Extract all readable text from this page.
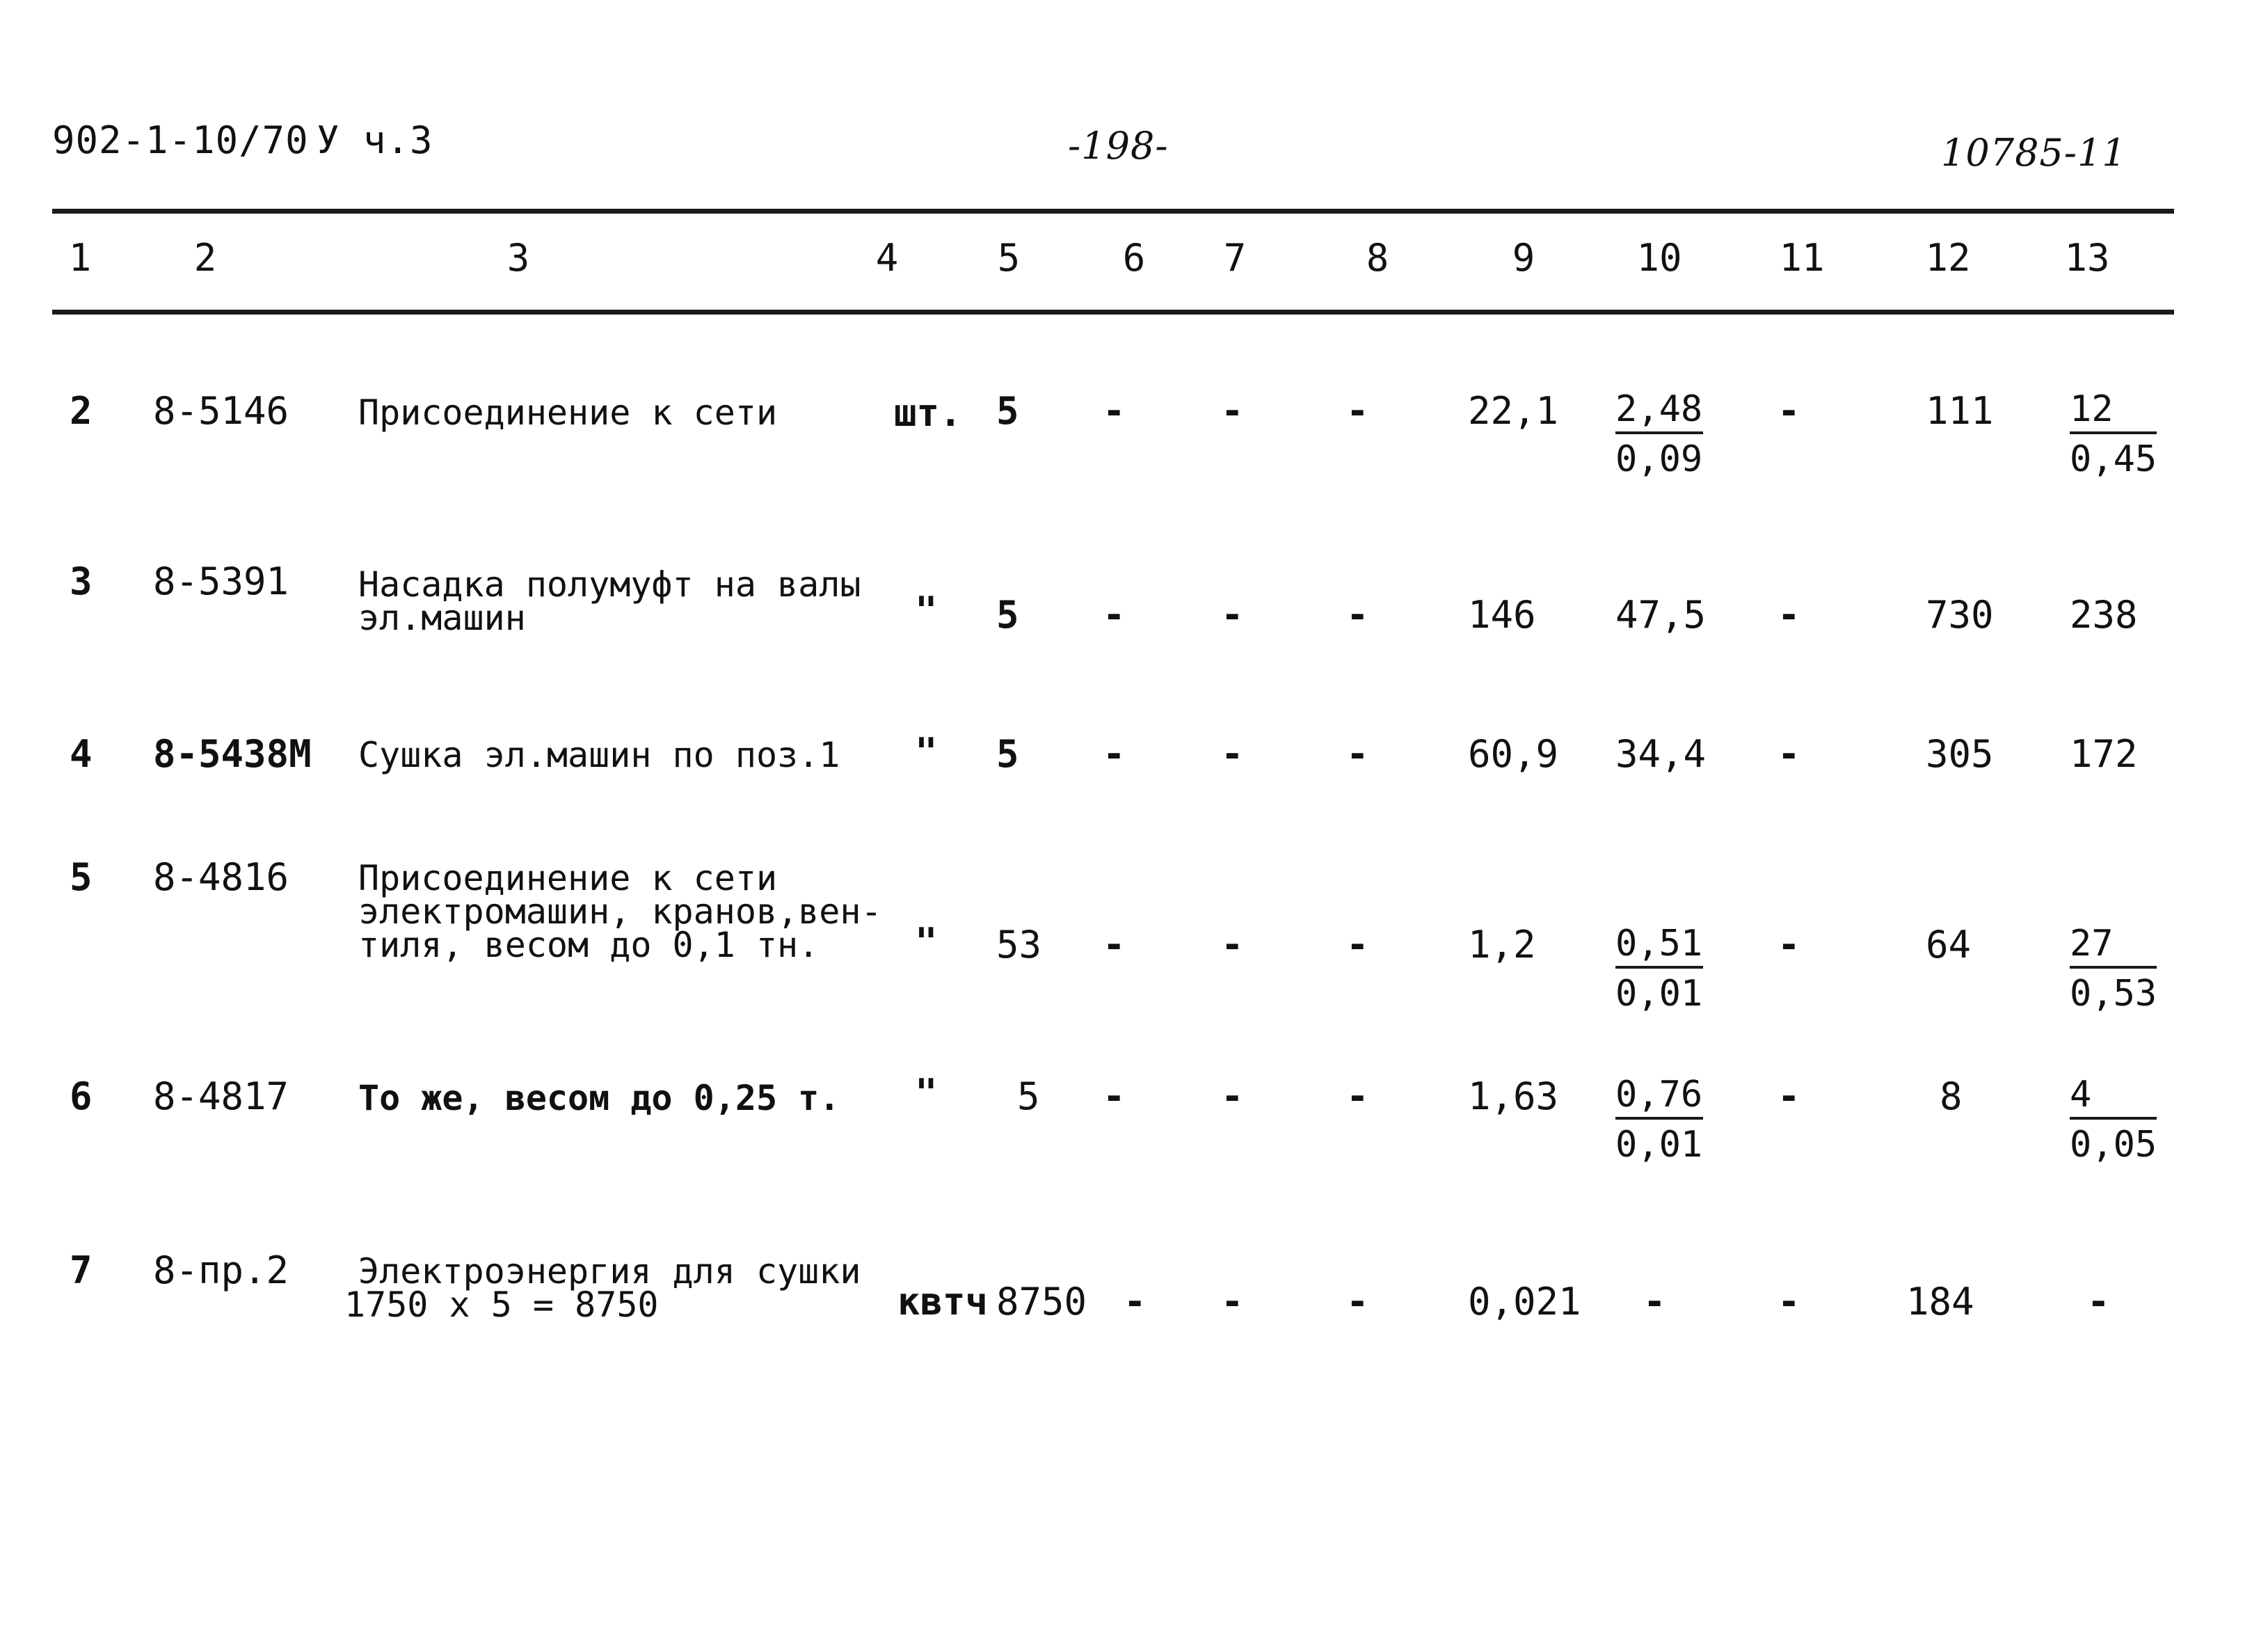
902-1-10/70 У ч.3	-198-	10785-11
1	2	3	4	5	6 7	8	9	10	11	12 13
2 8-5146 Присоединение к сети	шт. 5 -	-	-	$22,1 \frac{2,48}{0,09}$ -	$111 \frac{12}{0,45}$
3 8-5391 Насадка полумуфт на валы
эл.машин	" 5 -	-	-	146 47,5 -	730 238
4 8-5438М Сушка эл.машин по поз.1 " 5 -	-	-	60,9 34,4 -	305 172
5 8-4816 Присоединение к сети
электромашин, кранов,вен-
тиля, весом до 0,1 тн.	" 53 -	-	-	$1,2 \frac{0,51}{0,01}$ -	64	$\frac{27}{0,53}$
6 8-4817 То же, весом до 0,25 т. " 5 -	-	-	$1,63 \frac{0,76}{0,01}$ -	8	$\frac{4}{0,05}$
7 8-пр.2 Электроэнергия для сушки
1750 х 5 = 8750	квтч 8750 - -	-	0,021 -	-	184	-
